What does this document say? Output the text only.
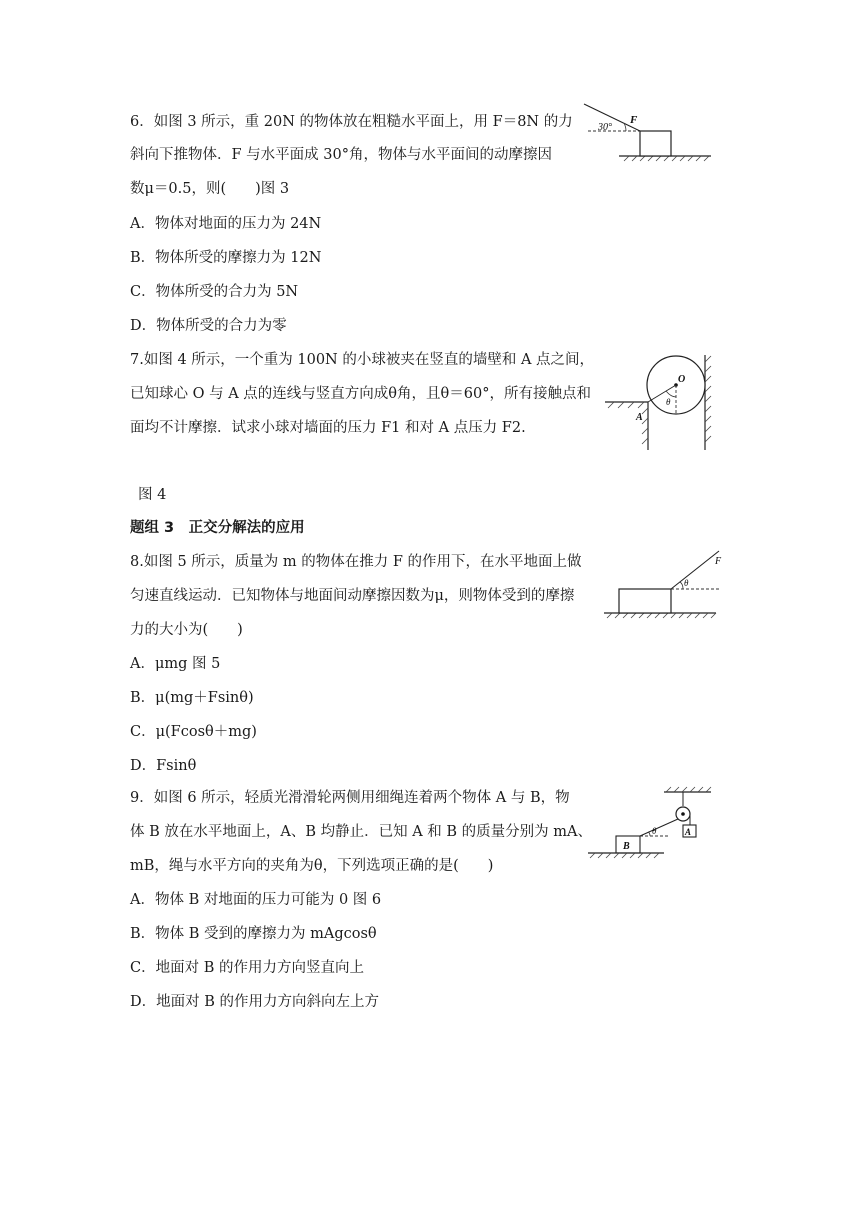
6．如图 3 所示，重 20N 的物体放在粗糙水平面上，用 F＝8N 的力
斜向下推物体．F 与水平面成 30°角，物体与水平面间的动摩擦因
数μ＝0.5，则(　　)图 3
A．物体对地面的压力为 24N
B．物体所受的摩擦力为 12N
C．物体所受的合力为 5N
D．物体所受的合力为零
30°
F
7.如图 4 所示，一个重为 100N 的小球被夹在竖直的墙壁和 A 点之间，
已知球心 O 与 A 点的连线与竖直方向成θ角，且θ＝60°，所有接触点和
面均不计摩擦．试求小球对墙面的压力 F1 和对 A 点压力 F2.
图 4
O
θ
A
题组 3　正交分解法的应用
8.如图 5 所示，质量为 m 的物体在推力 F 的作用下，在水平地面上做
匀速直线运动．已知物体与地面间动摩擦因数为μ，则物体受到的摩擦
力的大小为(　　)
A．μmg 图 5
B．μ(mg＋Fsinθ)
C．μ(Fcosθ＋mg)
D．Fsinθ
F
θ
9．如图 6 所示，轻质光滑滑轮两侧用细绳连着两个物体 A 与 B，物
体 B 放在水平地面上，A、B 均静止．已知 A 和 B 的质量分别为 mA、
mB，绳与水平方向的夹角为θ，下列选项正确的是(　　)
A．物体 B 对地面的压力可能为 0 图 6
B．物体 B 受到的摩擦力为 mAgcosθ
C．地面对 B 的作用力方向竖直向上
D．地面对 B 的作用力方向斜向左上方
A
θ
B
